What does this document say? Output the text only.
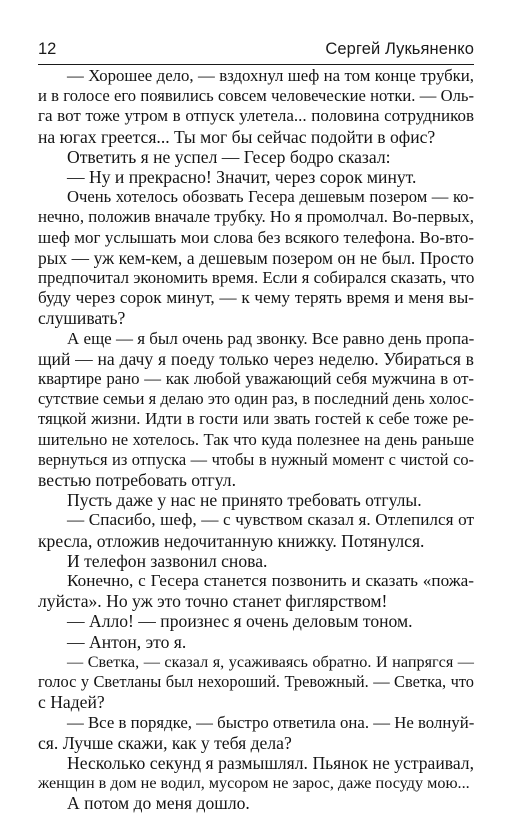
12	Сергей Лукьяненко

— Хорошее дело, — вздохнул шеф на том конце трубки,

и в голосе его появились совсем человеческие нотки. — Оль-

га вот тоже утром в отпуск улетела... половина сотрудников

на югах греется... Ты мог бы сейчас подойти в офис?

Ответить я не успел — Гесер бодро сказал:

— Ну и прекрасно! Значит, через сорок минут.

Очень хотелось обозвать Гесера дешевым позером — ко-

нечно, положив вначале трубку. Но я промолчал. Во-первых,

шеф мог услышать мои слова без всякого телефона. Во-вто-

рых — уж кем-кем, а дешевым позером он не был. Просто

предпочитал экономить время. Если я собирался сказать, что

буду через сорок минут, — к чему терять время и меня вы-

слушивать?

А еще — я был очень рад звонку. Все равно день пропа-

щий — на дачу я поеду только через неделю. Убираться в

квартире рано — как любой уважающий себя мужчина в от-

сутствие семьи я делаю это один раз, в последний день холос-

тяцкой жизни. Идти в гости или звать гостей к себе тоже ре-

шительно не хотелось. Так что куда полезнее на день раньше

вернуться из отпуска — чтобы в нужный момент с чистой со-

вестью потребовать отгул.

Пусть даже у нас не принято требовать отгулы.

— Спасибо, шеф, — с чувством сказал я. Отлепился от

кресла, отложив недочитанную книжку. Потянулся.

И телефон зазвонил снова.

Конечно, с Гесера станется позвонить и сказать «пожа-

луйста». Но уж это точно станет фиглярством!

— Алло! — произнес я очень деловым тоном.

— Антон, это я.

— Светка, — сказал я, усаживаясь обратно. И напрягся —

голос у Светланы был нехороший. Тревожный. — Светка, что

с Надей?

— Все в порядке, — быстро ответила она. — Не волнуй-

ся. Лучше скажи, как у тебя дела?

Несколько секунд я размышлял. Пьянок не устраивал,

женщин в дом не водил, мусором не зарос, даже посуду мою...

А потом до меня дошло.
